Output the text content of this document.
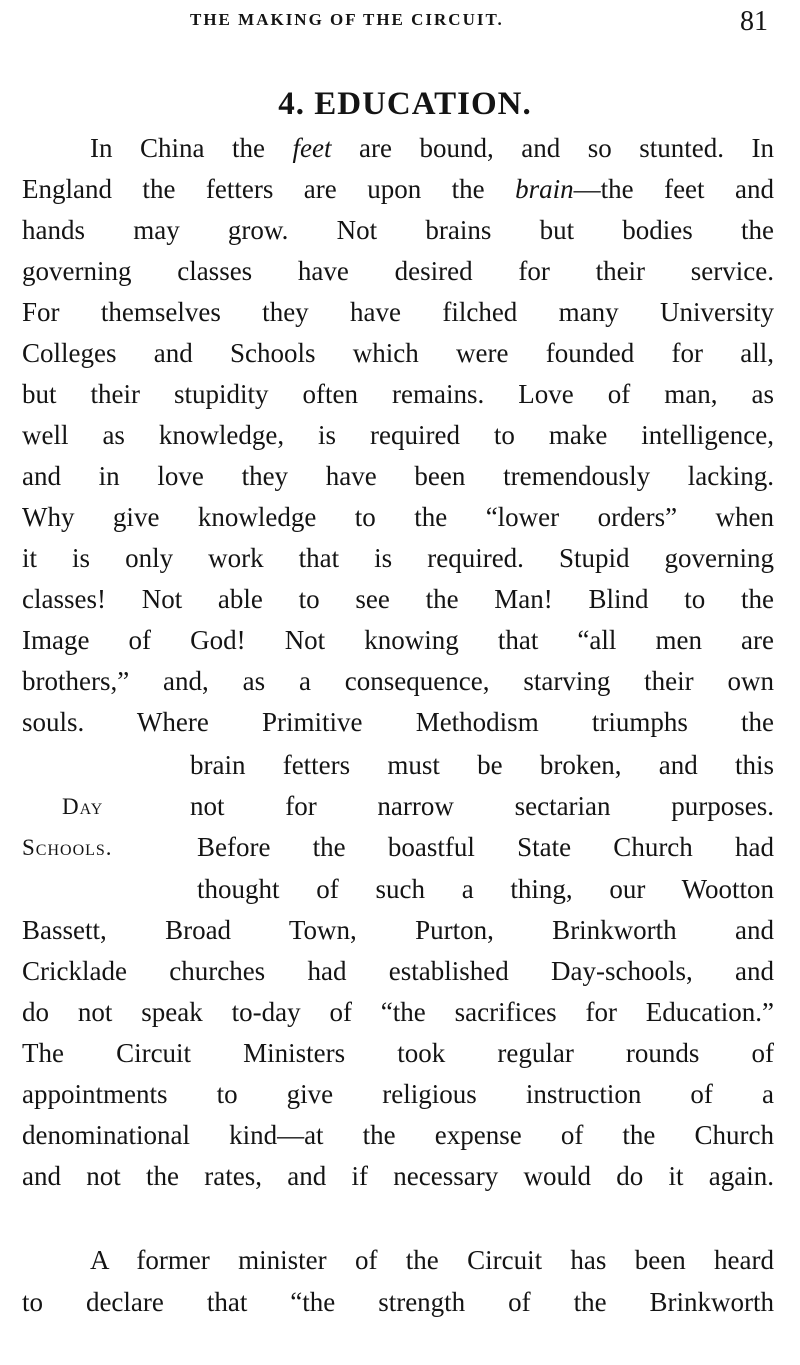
THE MAKING OF THE CIRCUIT.	81
4. EDUCATION.
In China the feet are bound, and so stunted. In
England the fetters are upon the brain—the feet and
hands may grow. Not brains but bodies the
governing classes have desired for their service.
For themselves they have filched many University
Colleges and Schools which were founded for all,
but their stupidity often remains. Love of man, as
well as knowledge, is required to make intelligence,
and in love they have been tremendously lacking.
Why give knowledge to the “lower orders” when
it is only work that is required. Stupid governing
classes! Not able to see the Man! Blind to the
Image of God! Not knowing that “all men are
brothers,” and, as a consequence, starving their own
souls. Where Primitive Methodism triumphs the
brain fetters must be broken, and this
Day	not for narrow sectarian purposes.
Schools.	Before the boastful State Church had
thought of such a thing, our Wootton
Bassett, Broad Town, Purton, Brinkworth and
Cricklade churches had established Day-schools, and
do not speak to-day of “the sacrifices for Education.”
The Circuit Ministers took regular rounds of
appointments to give religious instruction of a
denominational kind—at the expense of the Church
and not the rates, and if necessary would do it again.
A former minister of the Circuit has been heard
to declare that “the strength of the Brinkworth
